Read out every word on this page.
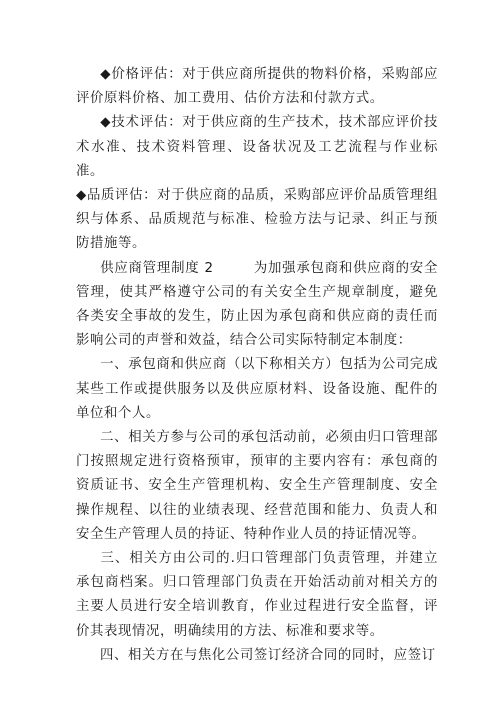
◆价格评估：对于供应商所提供的物料价格，采购部应评价原料价格、加工费用、估价方法和付款方式。

◆技术评估：对于供应商的生产技术，技术部应评价技术水准、技术资料管理、设备状况及工艺流程与作业标准。

◆品质评估：对于供应商的品质，采购部应评价品质管理组织与体系、品质规范与标准、检验方法与记录、纠正与预防措施等。

供应商管理制度 2	为加强承包商和供应商的安全管理，使其严格遵守公司的有关安全生产规章制度，避免各类安全事故的发生，防止因为承包商和供应商的责任而影响公司的声誉和效益，结合公司实际特制定本制度：

一、承包商和供应商（以下称相关方）包括为公司完成某些工作或提供服务以及供应原材料、设备设施、配件的单位和个人。

二、相关方参与公司的承包活动前，必须由归口管理部门按照规定进行资格预审，预审的主要内容有：承包商的资质证书、安全生产管理机构、安全生产管理制度、安全操作规程、以往的业绩表现、经营范围和能力、负责人和安全生产管理人员的持证、特种作业人员的持证情况等。

三、相关方由公司的.归口管理部门负责管理，并建立承包商档案。归口管理部门负责在开始活动前对相关方的主要人员进行安全培训教育，作业过程进行安全监督，评价其表现情况，明确续用的方法、标准和要求等。

四、相关方在与焦化公司签订经济合同的同时，应签订
